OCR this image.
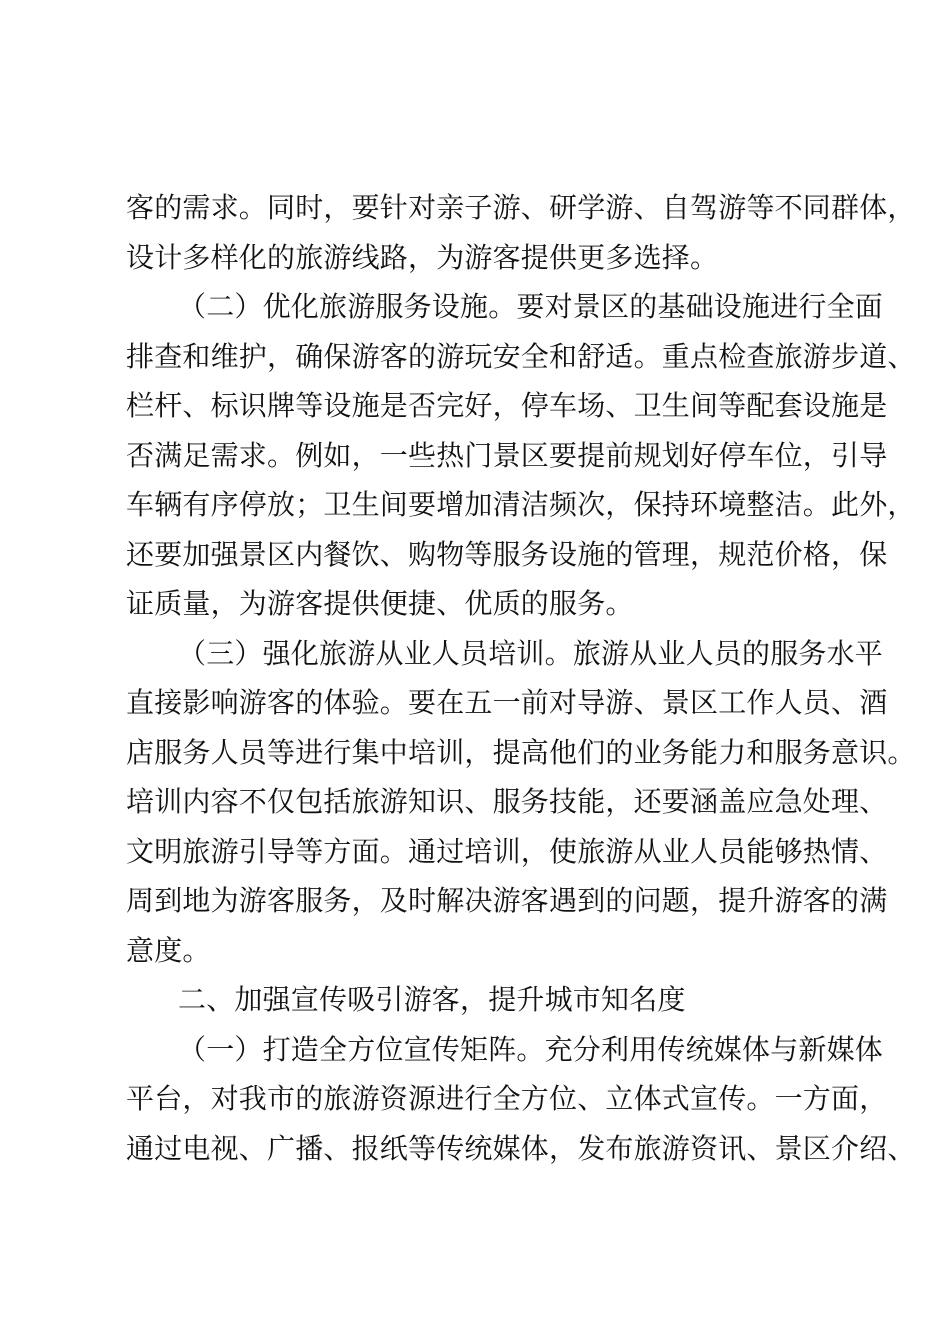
客的需求。同时，要针对亲子游、研学游、自驾游等不同群体，
设计多样化的旅游线路，为游客提供更多选择。
（二）优化旅游服务设施。要对景区的基础设施进行全面
排查和维护，确保游客的游玩安全和舒适。重点检查旅游步道、
栏杆、标识牌等设施是否完好，停车场、卫生间等配套设施是
否满足需求。例如，一些热门景区要提前规划好停车位，引导
车辆有序停放；卫生间要增加清洁频次，保持环境整洁。此外，
还要加强景区内餐饮、购物等服务设施的管理，规范价格，保
证质量，为游客提供便捷、优质的服务。
（三）强化旅游从业人员培训。旅游从业人员的服务水平
直接影响游客的体验。要在五一前对导游、景区工作人员、酒
店服务人员等进行集中培训，提高他们的业务能力和服务意识。
培训内容不仅包括旅游知识、服务技能，还要涵盖应急处理、
文明旅游引导等方面。通过培训，使旅游从业人员能够热情、
周到地为游客服务，及时解决游客遇到的问题，提升游客的满
意度。
二、加强宣传吸引游客，提升城市知名度
（一）打造全方位宣传矩阵。充分利用传统媒体与新媒体
平台，对我市的旅游资源进行全方位、立体式宣传。一方面，
通过电视、广播、报纸等传统媒体，发布旅游资讯、景区介绍、
